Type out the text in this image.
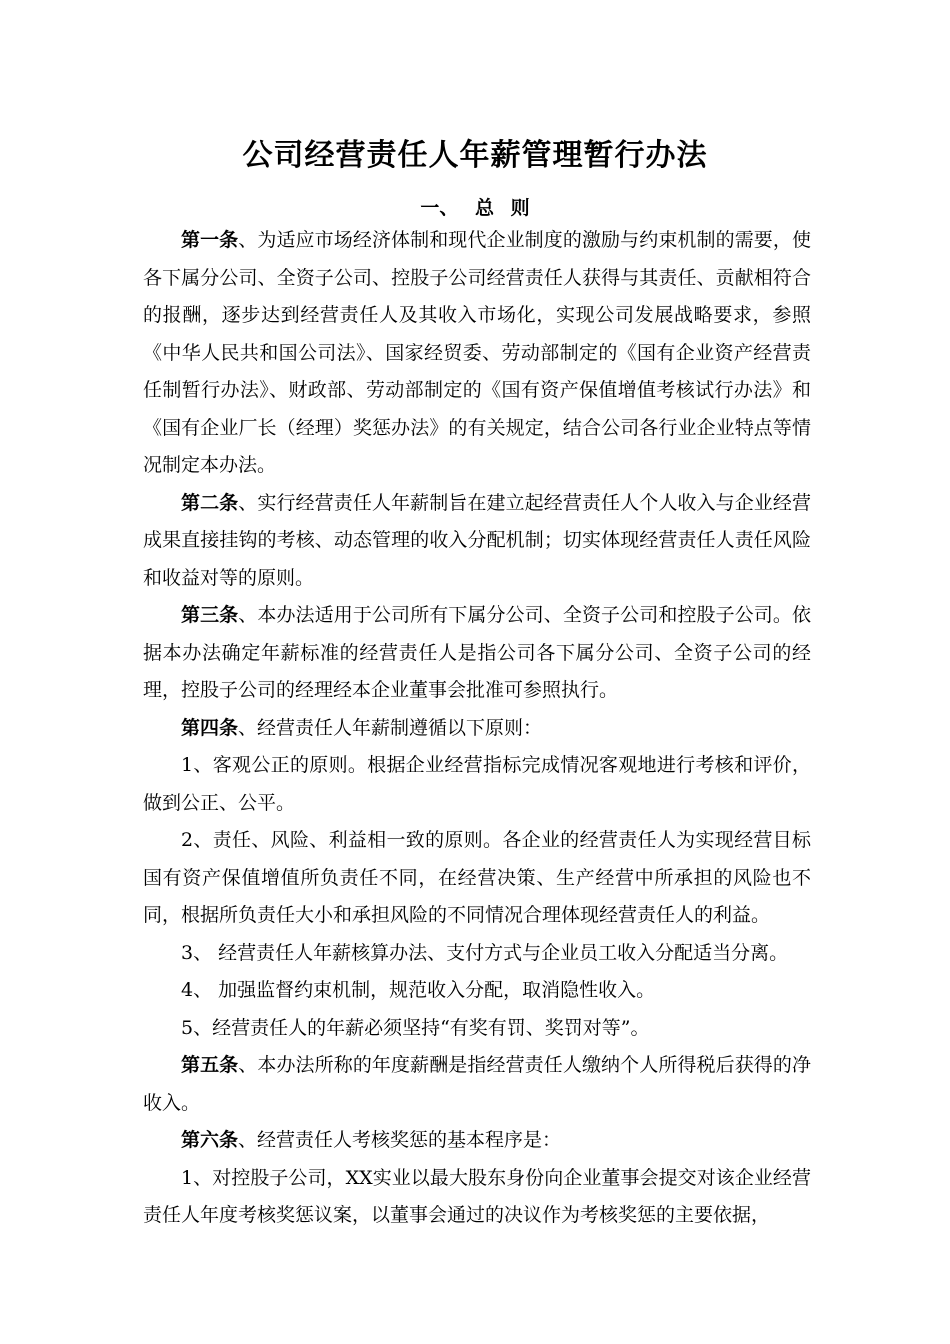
公司经营责任人年薪管理暂行办法
一、 总 则

第一条、为适应市场经济体制和现代企业制度的激励与约束机制的需要，使各下属分公司、全资子公司、控股子公司经营责任人获得与其责任、贡献相符合的报酬，逐步达到经营责任人及其收入市场化，实现公司发展战略要求，参照《中华人民共和国公司法》、国家经贸委、劳动部制定的《国有企业资产经营责任制暂行办法》、财政部、劳动部制定的《国有资产保值增值考核试行办法》和《国有企业厂长（经理）奖惩办法》的有关规定，结合公司各行业企业特点等情况制定本办法。

第二条、实行经营责任人年薪制旨在建立起经营责任人个人收入与企业经营成果直接挂钩的考核、动态管理的收入分配机制；切实体现经营责任人责任风险和收益对等的原则。

第三条、本办法适用于公司所有下属分公司、全资子公司和控股子公司。依据本办法确定年薪标准的经营责任人是指公司各下属分公司、全资子公司的经理，控股子公司的经理经本企业董事会批准可参照执行。

第四条、经营责任人年薪制遵循以下原则：

1、客观公正的原则。根据企业经营指标完成情况客观地进行考核和评价，做到公正、公平。

2、责任、风险、利益相一致的原则。各企业的经营责任人为实现经营目标国有资产保值增值所负责任不同，在经营决策、生产经营中所承担的风险也不同，根据所负责任大小和承担风险的不同情况合理体现经营责任人的利益。

3、 经营责任人年薪核算办法、支付方式与企业员工收入分配适当分离。

4、 加强监督约束机制，规范收入分配，取消隐性收入。

5、经营责任人的年薪必须坚持“有奖有罚、奖罚对等”。

第五条、本办法所称的年度薪酬是指经营责任人缴纳个人所得税后获得的净收入。

第六条、经营责任人考核奖惩的基本程序是：

1、对控股子公司，XX实业以最大股东身份向企业董事会提交对该企业经营责任人年度考核奖惩议案，以董事会通过的决议作为考核奖惩的主要依据，
